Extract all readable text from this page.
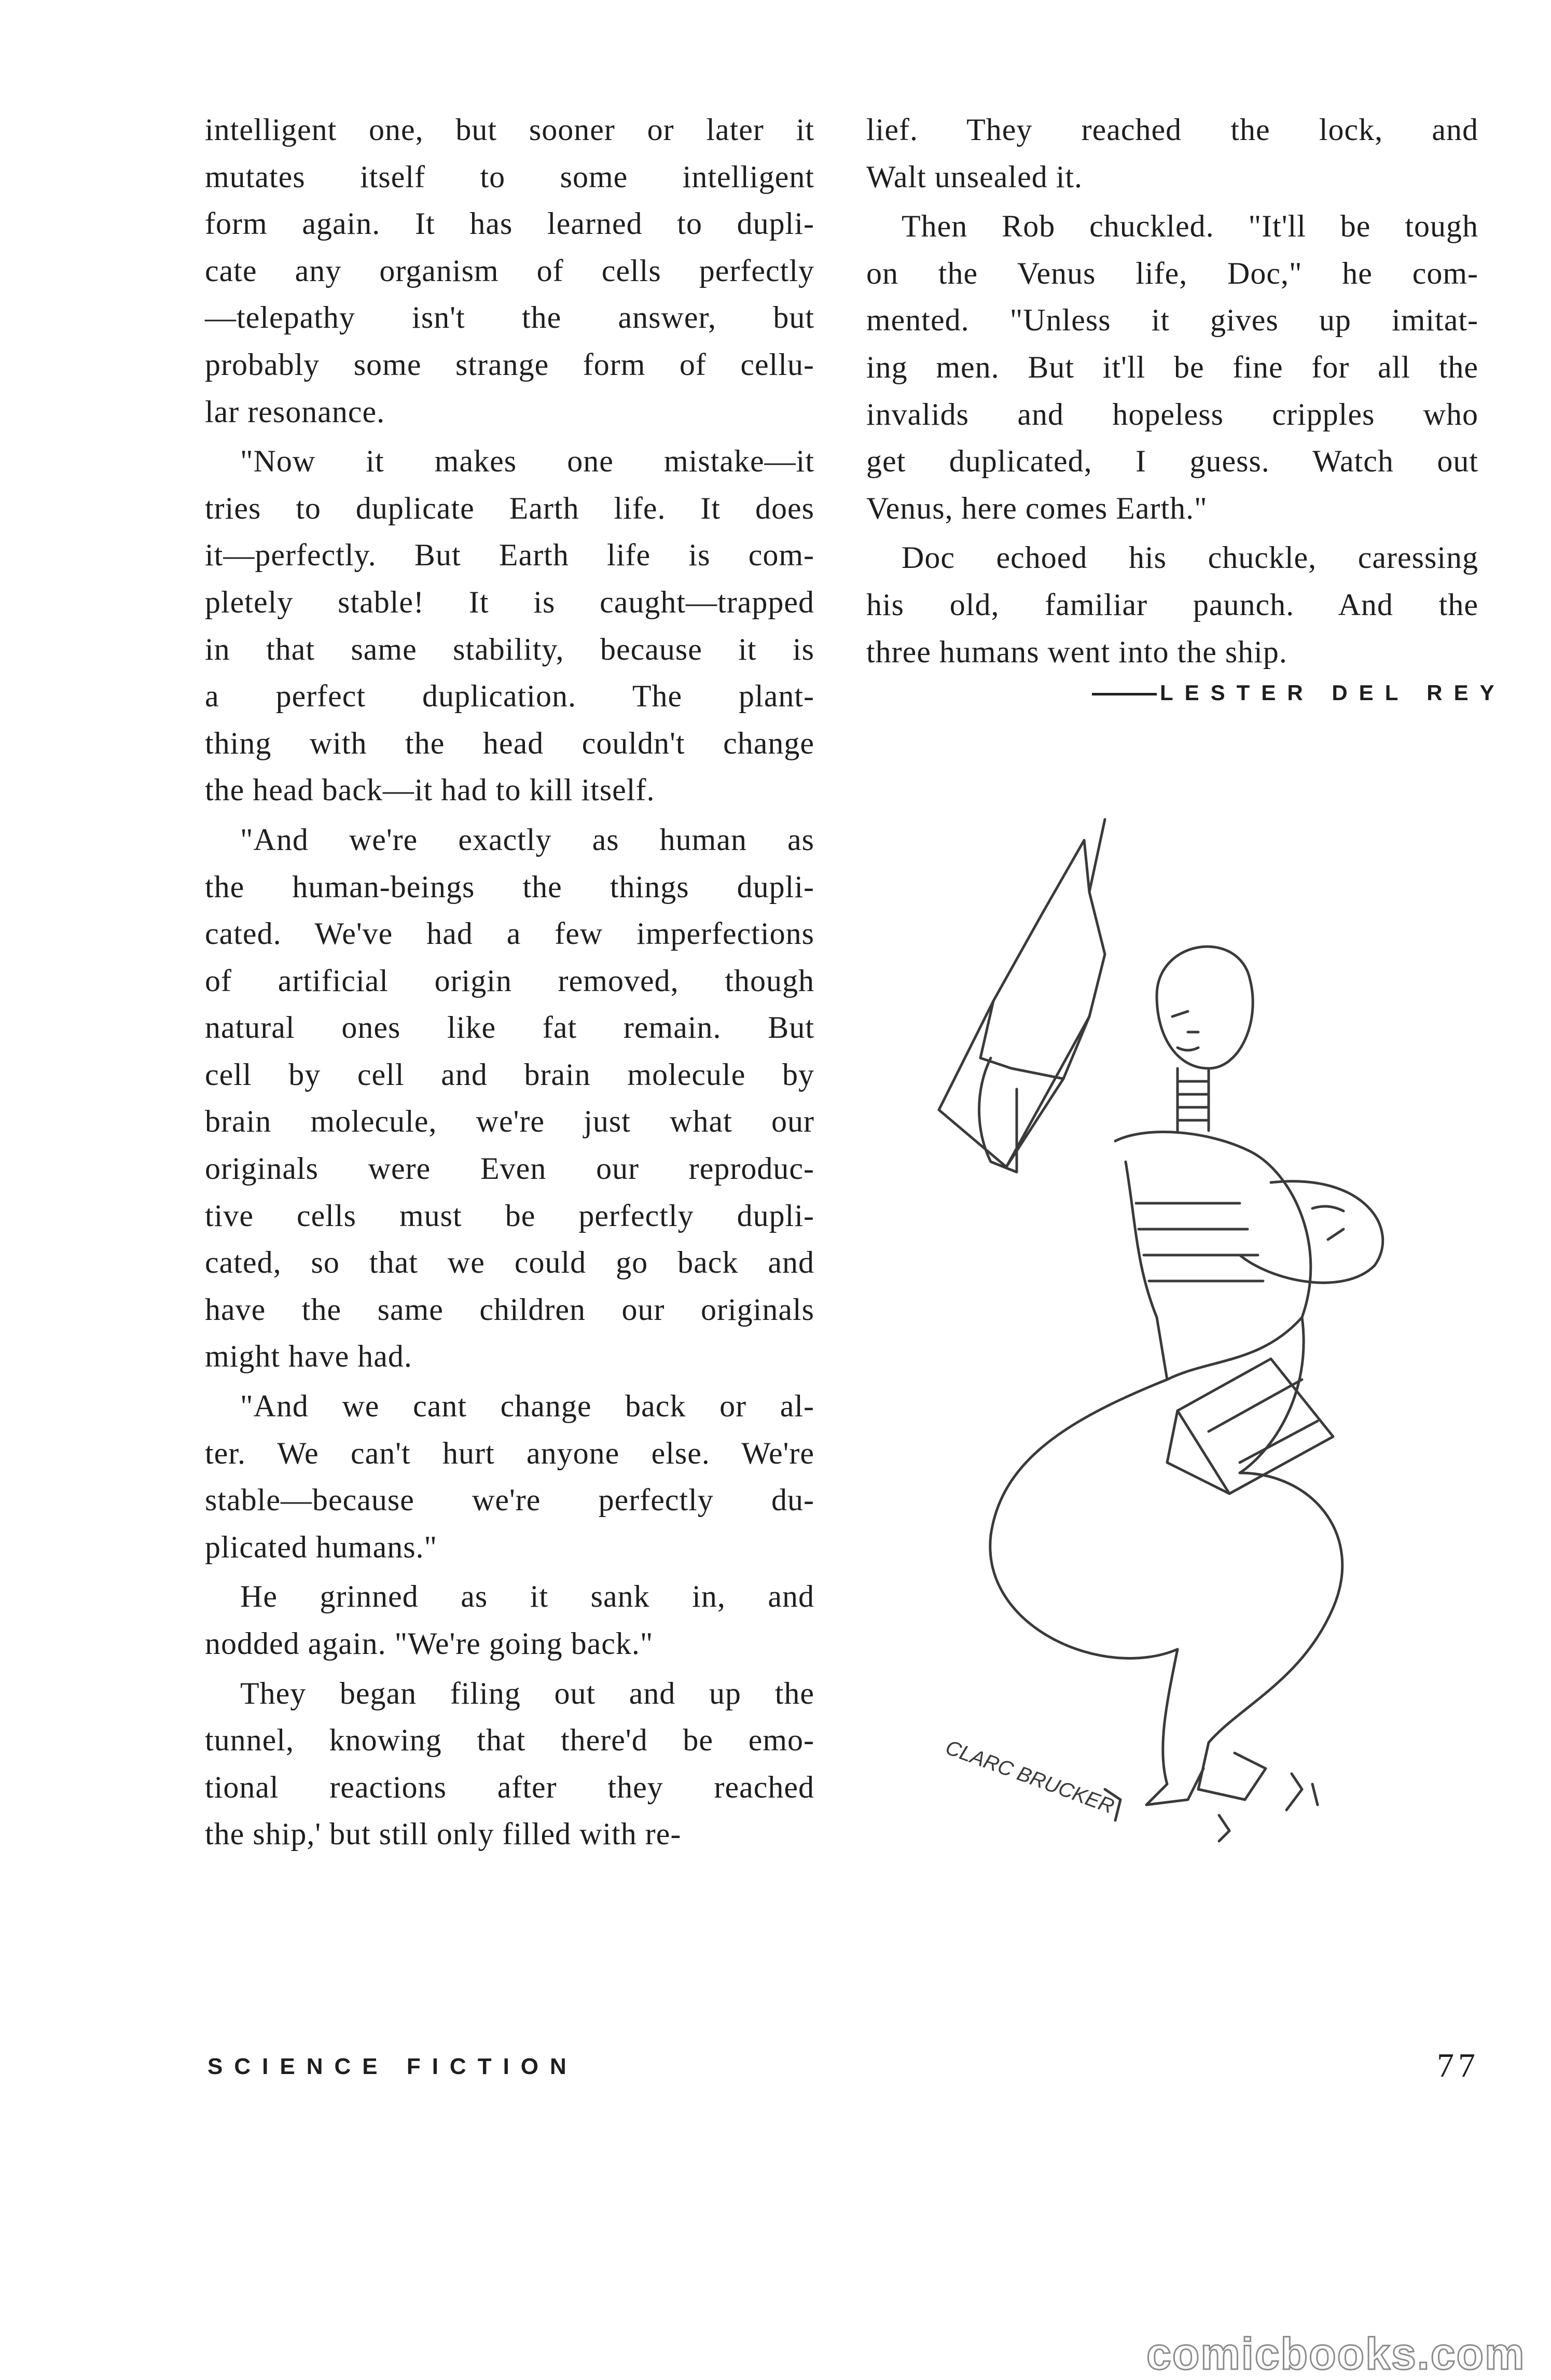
intelligent one, but sooner or later it
mutates itself to some intelligent
form again. It has learned to dupli-
cate any organism of cells perfectly
—telepathy isn't the answer, but
probably some strange form of cellu-
lar resonance.
"Now it makes one mistake—it
tries to duplicate Earth life. It does
it—perfectly. But Earth life is com-
pletely stable! It is caught—trapped
in that same stability, because it is
a perfect duplication. The plant-
thing with the head couldn't change
the head back—it had to kill itself.
"And we're exactly as human as
the human-beings the things dupli-
cated. We've had a few imperfections
of artificial origin removed, though
natural ones like fat remain. But
cell by cell and brain molecule by
brain molecule, we're just what our
originals were Even our reproduc-
tive cells must be perfectly dupli-
cated, so that we could go back and
have the same children our originals
might have had.
"And we cant change back or al-
ter. We can't hurt anyone else. We're
stable—because we're perfectly du-
plicated humans."
He grinned as it sank in, and
nodded again. "We're going back."
They began filing out and up the
tunnel, knowing that there'd be emo-
tional reactions after they reached
the ship,' but still only filled with re-
lief. They reached the lock, and
Walt unsealed it.
Then Rob chuckled. "It'll be tough
on the Venus life, Doc," he com-
mented. "Unless it gives up imitat-
ing men. But it'll be fine for all the
invalids and hopeless cripples who
get duplicated, I guess. Watch out
Venus, here comes Earth."
Doc echoed his chuckle, caressing
his old, familiar paunch. And the
three humans went into the ship.
LESTER DEL REY
CLARC BRUCKER
SCIENCE FICTION	77
comicbooks.com
